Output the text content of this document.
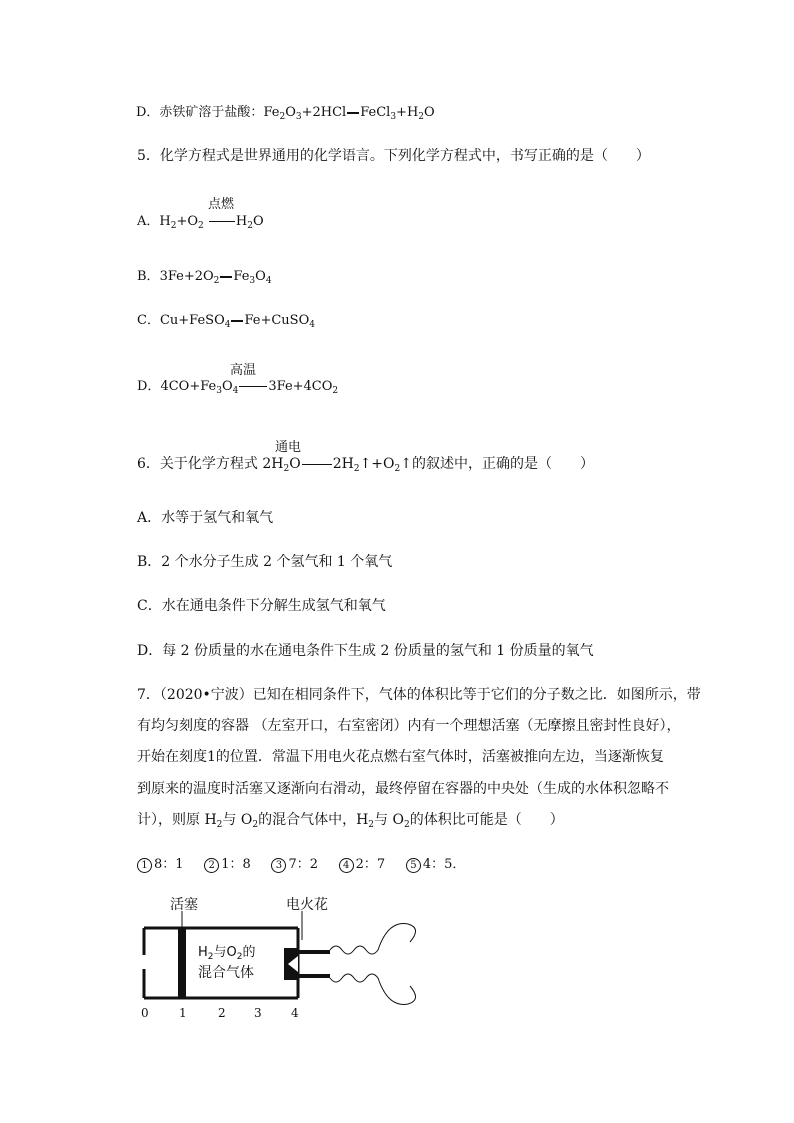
D．赤铁矿溶于盐酸：$Fe_2O_3+2HCl$ $FeCl_3+H_2O$
5．化学方程式是世界通用的化学语言。下列化学方程式中，书写正确的是（　　）
点燃
A．$H_2+O_2$ $H_2O$
B．$3Fe+2O_2$ $Fe_3O_4$
C．Cu+FeSO$_4$ Fe+CuSO$_4$
高温
D．$4CO+Fe_3O_4$ $3Fe+4CO_2$
通电
6．关于化学方程式 $2H_2O$ $2H_2↑+O_2↑$的叙述中，正确的是（　　）
A．水等于氢气和氧气
B．2 个水分子生成 2 个氢气和 1 个氧气
C．水在通电条件下分解生成氢气和氧气
D．每 2 份质量的水在通电条件下生成 2 份质量的氢气和 1 份质量的氧气
7．（2020•宁波）已知在相同条件下，气体的体积比等于它们的分子数之比．如图所示，带
有均匀刻度的容器 （左室开口，右室密闭）内有一个理想活塞（无摩擦且密封性良好），
开始在刻度1的位置．常温下用电火花点燃右室气体时，活塞被推向左边，当逐渐恢复
到原来的温度时活塞又逐渐向右滑动，最终停留在容器的中央处（生成的水体积忽略不
计），则原 $H_2$与 $O_2$的混合气体中，$H_2$与 $O_2$的体积比可能是（　　）
1 8：1 2 1：8 3 7：2 4 2：7 5 4：5．
活塞	电火花
$H_2$与$O_2$的
混合气体
0	1	2 3 4
